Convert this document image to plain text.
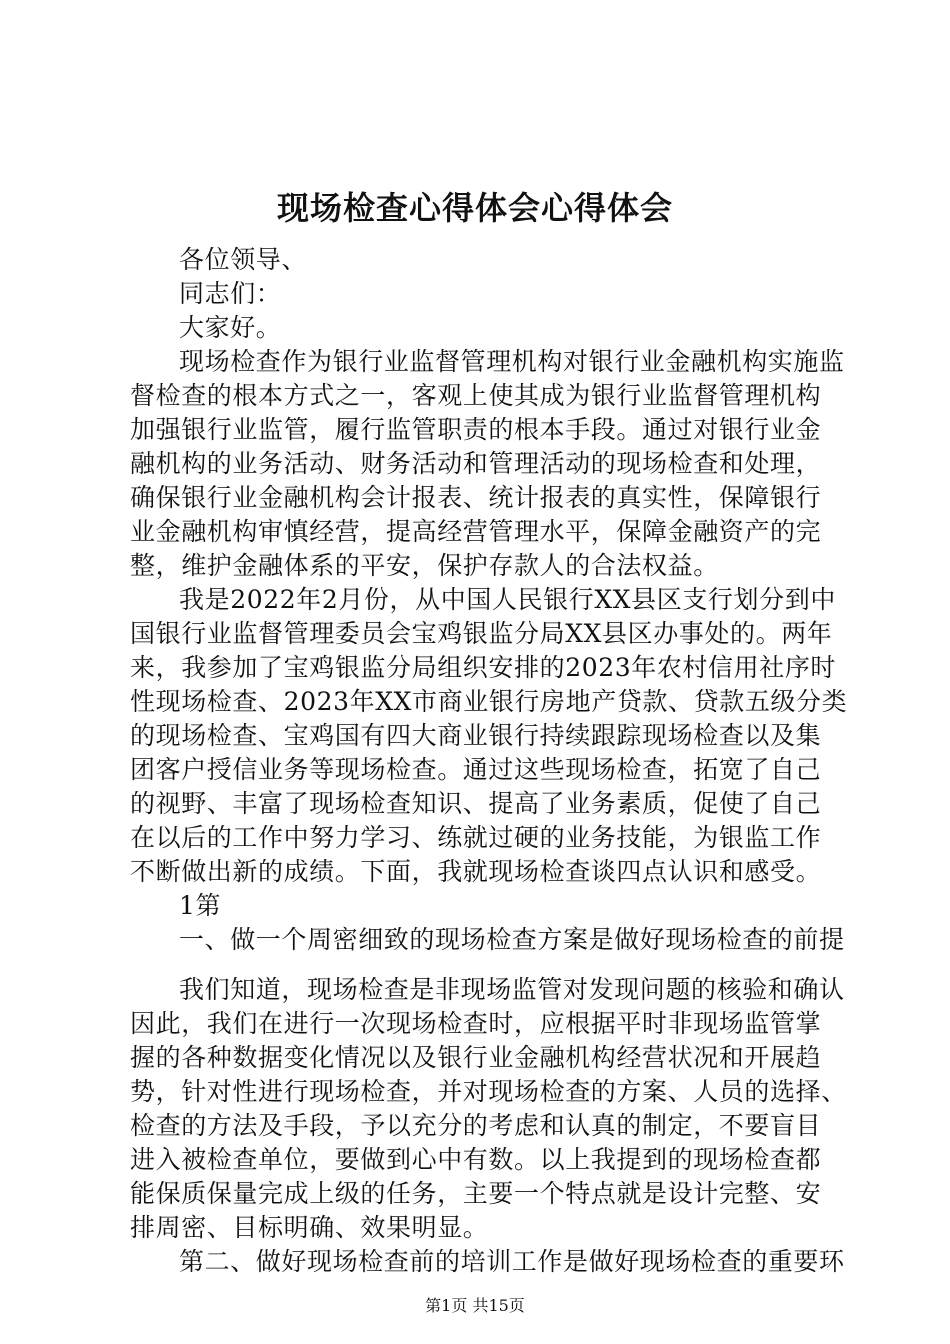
现场检查心得体会心得体会
各位领导、
同志们：
大家好。
现场检查作为银行业监督管理机构对银行业金融机构实施监
督检查的根本方式之一，客观上使其成为银行业监督管理机构
加强银行业监管，履行监管职责的根本手段。通过对银行业金
融机构的业务活动、财务活动和管理活动的现场检查和处理，
确保银行业金融机构会计报表、统计报表的真实性，保障银行
业金融机构审慎经营，提高经营管理水平，保障金融资产的完
整，维护金融体系的平安，保护存款人的合法权益。
我是2022年2月份，从中国人民银行XX县区支行划分到中
国银行业监督管理委员会宝鸡银监分局XX县区办事处的。两年
来，我参加了宝鸡银监分局组织安排的2023年农村信用社序时
性现场检查、2023年XX市商业银行房地产贷款、贷款五级分类
的现场检查、宝鸡国有四大商业银行持续跟踪现场检查以及集
团客户授信业务等现场检查。通过这些现场检查，拓宽了自己
的视野、丰富了现场检查知识、提高了业务素质，促使了自己
在以后的工作中努力学习、练就过硬的业务技能，为银监工作
不断做出新的成绩。下面，我就现场检查谈四点认识和感受。
1第
一、做一个周密细致的现场检查方案是做好现场检查的前提
我们知道，现场检查是非现场监管对发现问题的核验和确认
因此，我们在进行一次现场检查时，应根据平时非现场监管掌
握的各种数据变化情况以及银行业金融机构经营状况和开展趋
势，针对性进行现场检查，并对现场检查的方案、人员的选择、
检查的方法及手段，予以充分的考虑和认真的制定，不要盲目
进入被检查单位，要做到心中有数。以上我提到的现场检查都
能保质保量完成上级的任务，主要一个特点就是设计完整、安
排周密、目标明确、效果明显。
第二、做好现场检查前的培训工作是做好现场检查的重要环
第1页 共15页
